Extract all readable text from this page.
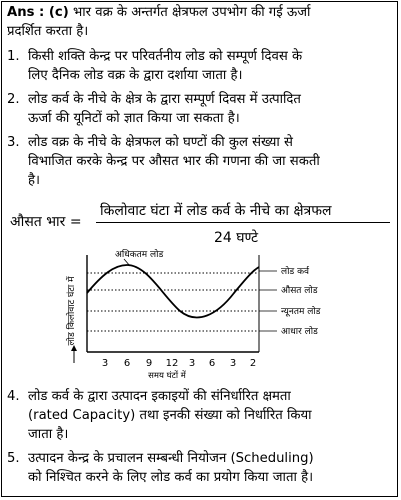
Ans : (c) भार वक्र के अन्तर्गत क्षेत्रफल उपभोग की गई ऊर्जा
प्रदर्शित करता है।
1. किसी शक्ति केन्द्र पर परिवर्तनीय लोड को सम्पूर्ण दिवस के
लिए दैनिक लोड वक्र के द्वारा दर्शाया जाता है।
2. लोड कर्व के नीचे के क्षेत्र के द्वारा सम्पूर्ण दिवस में उत्पादित
ऊर्जा की यूनिटों को ज्ञात किया जा सकता है।
3. लोड वक्र के नीचे के क्षेत्रफल को घण्टों की कुल संख्या से
विभाजित करके केन्द्र पर औसत भार की गणना की जा सकती
है।
औसत भार =
किलोवाट घंटा में लोड कर्व के नीचे का क्षेत्रफल
24 घण्टे
लोड किलोवाट घंटा में
अधिकतम लोड
लोड कर्व
औसत लोड
न्यूनतम लोड
आधार लोड
3 6 9 12 3 6 3 2
समय घंटों में
4. लोड कर्व के द्वारा उत्पादन इकाइयों की संनिर्धारित क्षमता
(rated Capacity) तथा इनकी संख्या को निर्धारित किया
जाता है।
5. उत्पादन केन्द्र के प्रचालन सम्बन्धी नियोजन (Scheduling)
को निश्चित करने के लिए लोड कर्व का प्रयोग किया जाता है।
